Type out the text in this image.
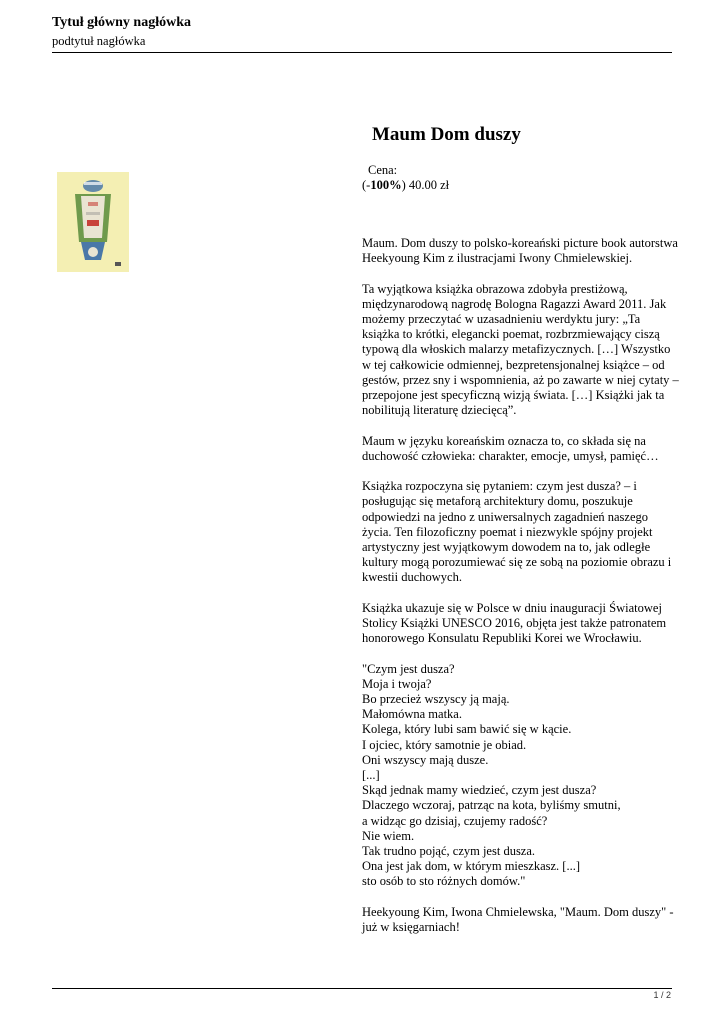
Tytuł główny nagłówka
podtytuł nagłówka
Maum Dom duszy
Cena:
(-100%) 40.00 zł

Maum. Dom duszy to polsko-koreański picture book autorstwa Heekyoung Kim z ilustracjami Iwony Chmielewskiej.

Ta wyjątkowa książka obrazowa zdobyła prestiżową, międzynarodową nagrodę Bologna Ragazzi Award 2011. Jak możemy przeczytać w uzasadnieniu werdyktu jury: „Ta książka to krótki, elegancki poemat, rozbrzmiewający ciszą typową dla włoskich malarzy metafizycznych. […] Wszystko w tej całkowicie odmiennej, bezpretensjonalnej książce – od gestów, przez sny i wspomnienia, aż po zawarte w niej cytaty – przepojone jest specyficzną wizją świata. […] Książki jak ta nobilitują literaturę dziecięcą”.

Maum w języku koreańskim oznacza to, co składa się na duchowość człowieka: charakter, emocje, umysł, pamięć…

Książka rozpoczyna się pytaniem: czym jest dusza? – i posługując się metaforą architektury domu, poszukuje odpowiedzi na jedno z uniwersalnych zagadnień naszego życia. Ten filozoficzny poemat i niezwykle spójny projekt artystyczny jest wyjątkowym dowodem na to, jak odległe kultury mogą porozumiewać się ze sobą na poziomie obrazu i kwestii duchowych.

Książka ukazuje się w Polsce w dniu inauguracji Światowej Stolicy Książki UNESCO 2016, objęta jest także patronatem honorowego Konsulatu Republiki Korei we Wrocławiu.

"Czym jest dusza?
Moja i twoja?
Bo przecież wszyscy ją mają.
Małomówna matka.
Kolega, który lubi sam bawić się w kącie.
I ojciec, który samotnie je obiad.
Oni wszyscy mają dusze.
[...]
Skąd jednak mamy wiedzieć, czym jest dusza?
Dlaczego wczoraj, patrząc na kota, byliśmy smutni,
a widząc go dzisiaj, czujemy radość?
Nie wiem.
Tak trudno pojąć, czym jest dusza.
Ona jest jak dom, w którym mieszkasz. [...]
sto osób to sto różnych domów."

Heekyoung Kim, Iwona Chmielewska, "Maum. Dom duszy" - już w księgarniach!

1 / 2
